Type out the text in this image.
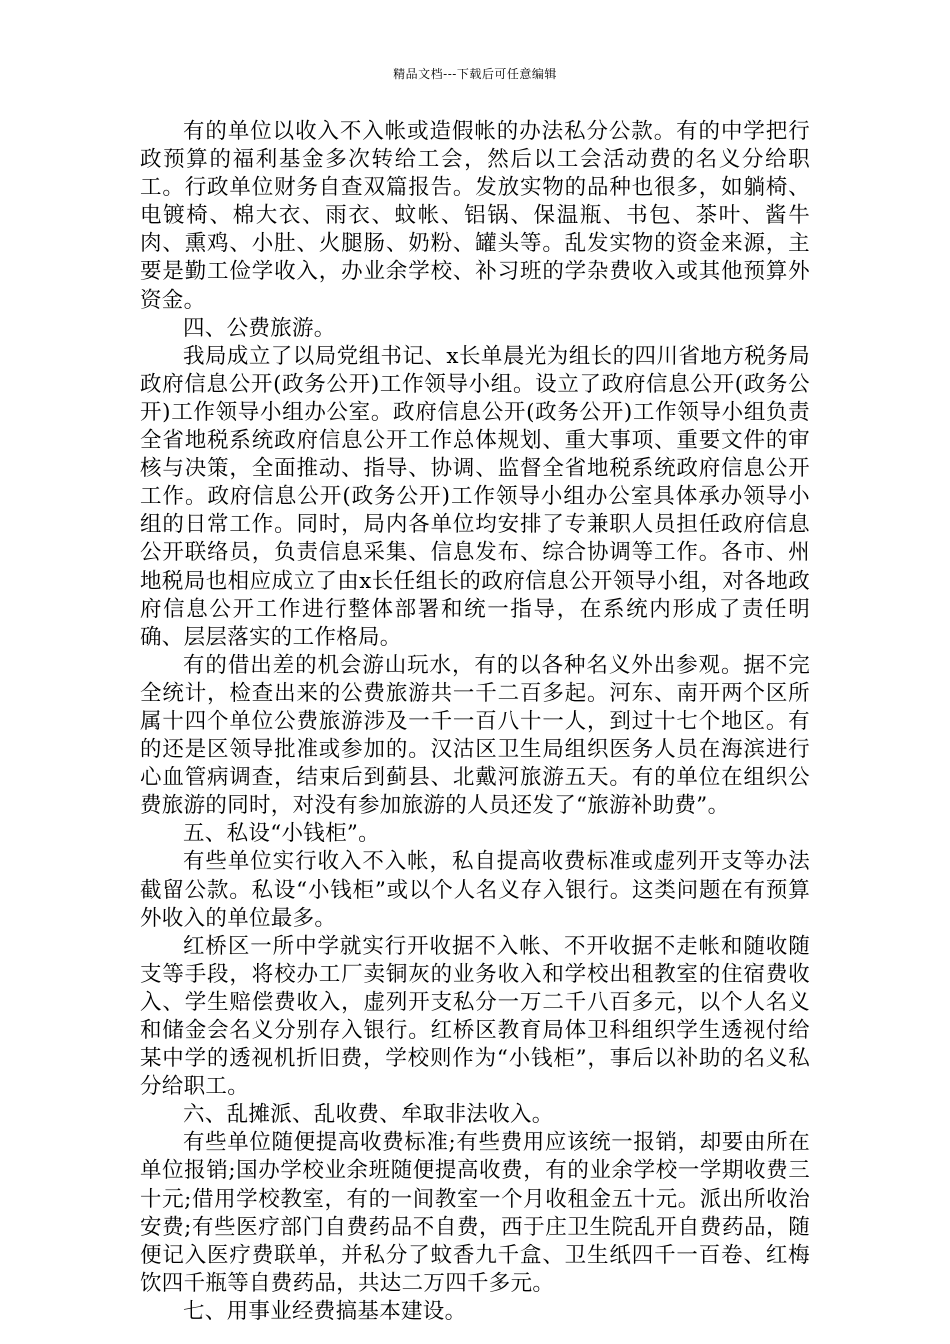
精品文档---下载后可任意编辑

有的单位以收入不入帐或造假帐的办法私分公款。有的中学把行政预算的福利基金多次转给工会，然后以工会活动费的名义分给职工。行政单位财务自查双篇报告。发放实物的品种也很多，如躺椅、电镀椅、棉大衣、雨衣、蚊帐、铝锅、保温瓶、书包、茶叶、酱牛肉、熏鸡、小肚、火腿肠、奶粉、罐头等。乱发实物的资金来源，主要是勤工俭学收入，办业余学校、补习班的学杂费收入或其他预算外资金。

四、公费旅游。

我局成立了以局党组书记、x长单晨光为组长的四川省地方税务局政府信息公开(政务公开)工作领导小组。设立了政府信息公开(政务公开)工作领导小组办公室。政府信息公开(政务公开)工作领导小组负责全省地税系统政府信息公开工作总体规划、重大事项、重要文件的审核与决策，全面推动、指导、协调、监督全省地税系统政府信息公开工作。政府信息公开(政务公开)工作领导小组办公室具体承办领导小组的日常工作。同时，局内各单位均安排了专兼职人员担任政府信息公开联络员，负责信息采集、信息发布、综合协调等工作。各市、州地税局也相应成立了由x长任组长的政府信息公开领导小组，对各地政府信息公开工作进行整体部署和统一指导，在系统内形成了责任明确、层层落实的工作格局。

有的借出差的机会游山玩水，有的以各种名义外出参观。据不完全统计，检查出来的公费旅游共一千二百多起。河东、南开两个区所属十四个单位公费旅游涉及一千一百八十一人，到过十七个地区。有的还是区领导批准或参加的。汉沽区卫生局组织医务人员在海滨进行心血管病调查，结束后到蓟县、北戴河旅游五天。有的单位在组织公费旅游的同时，对没有参加旅游的人员还发了“旅游补助费”。

五、私设“小钱柜”。

有些单位实行收入不入帐，私自提高收费标准或虚列开支等办法截留公款。私设“小钱柜”或以个人名义存入银行。这类问题在有预算外收入的单位最多。

红桥区一所中学就实行开收据不入帐、不开收据不走帐和随收随支等手段，将校办工厂卖铜灰的业务收入和学校出租教室的住宿费收入、学生赔偿费收入，虚列开支私分一万二千八百多元，以个人名义和储金会名义分别存入银行。红桥区教育局体卫科组织学生透视付给某中学的透视机折旧费，学校则作为“小钱柜”，事后以补助的名义私分给职工。

六、乱摊派、乱收费、牟取非法收入。

有些单位随便提高收费标准;有些费用应该统一报销，却要由所在单位报销;国办学校业余班随便提高收费，有的业余学校一学期收费三十元;借用学校教室，有的一间教室一个月收租金五十元。派出所收治安费;有些医疗部门自费药品不自费，西于庄卫生院乱开自费药品，随便记入医疗费联单，并私分了蚊香九千盒、卫生纸四千一百卷、红梅饮四千瓶等自费药品，共达二万四千多元。

七、用事业经费搞基本建设。
